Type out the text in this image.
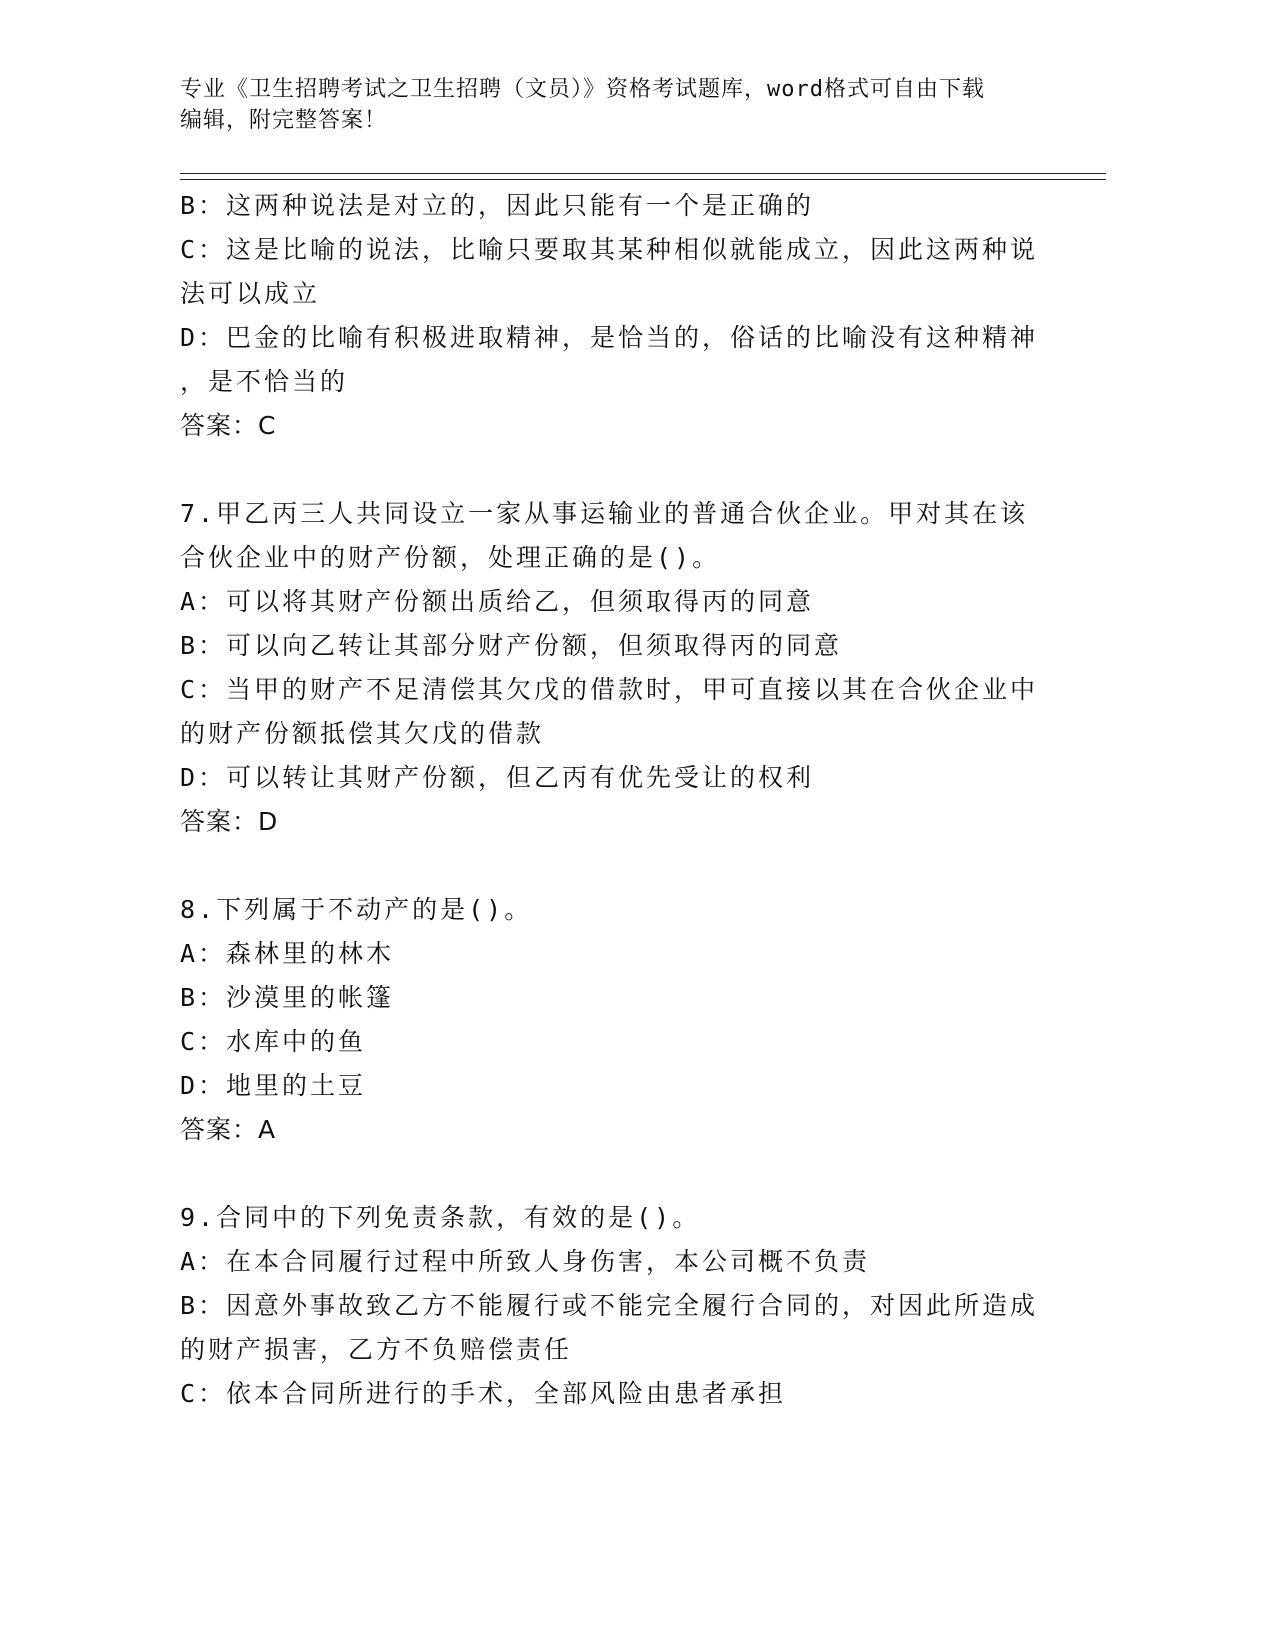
专业《卫生招聘考试之卫生招聘（文员）》资格考试题库，word格式可自由下载
编辑，附完整答案！
B：这两种说法是对立的，因此只能有一个是正确的
C：这是比喻的说法，比喻只要取其某种相似就能成立，因此这两种说
法可以成立
D：巴金的比喻有积极进取精神，是恰当的，俗话的比喻没有这种精神
，是不恰当的
答案：C
7.甲乙丙三人共同设立一家从事运输业的普通合伙企业。甲对其在该
合伙企业中的财产份额，处理正确的是()。
A：可以将其财产份额出质给乙，但须取得丙的同意
B：可以向乙转让其部分财产份额，但须取得丙的同意
C：当甲的财产不足清偿其欠戊的借款时，甲可直接以其在合伙企业中
的财产份额抵偿其欠戊的借款
D：可以转让其财产份额，但乙丙有优先受让的权利
答案：D
8.下列属于不动产的是()。
A：森林里的林木
B：沙漠里的帐篷
C：水库中的鱼
D：地里的土豆
答案：A
9.合同中的下列免责条款，有效的是()。
A：在本合同履行过程中所致人身伤害，本公司概不负责
B：因意外事故致乙方不能履行或不能完全履行合同的，对因此所造成
的财产损害，乙方不负赔偿责任
C：依本合同所进行的手术，全部风险由患者承担
